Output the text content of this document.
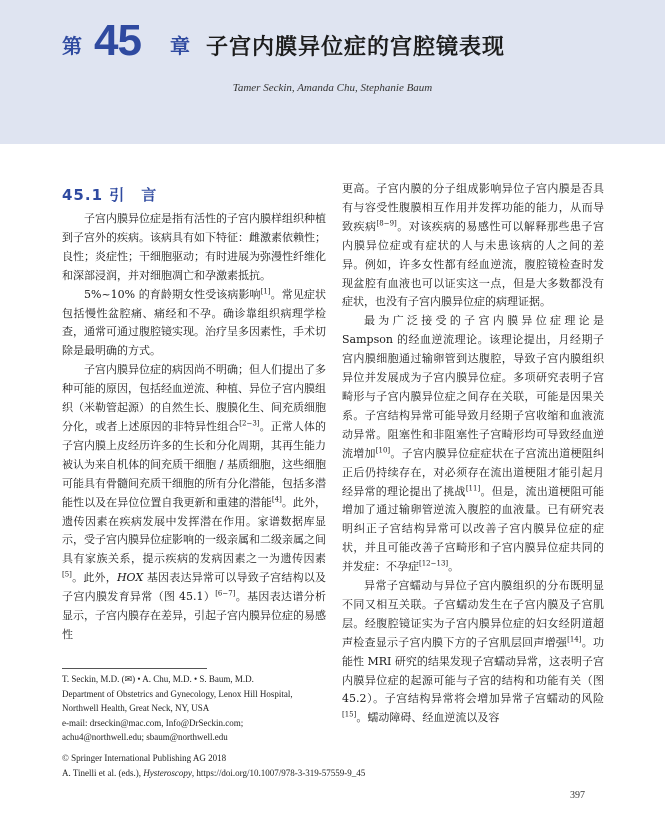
第 45 章 子宫内膜异位症的宫腔镜表现
Tamer Seckin, Amanda Chu, Stephanie Baum
45.1 引　言

子宫内膜异位症是指有活性的子宫内膜样组织种植到子宫外的疾病。该病具有如下特征：雌激素依赖性；良性；炎症性；干细胞驱动；有时进展为弥漫性纤维化和深部浸润，并对细胞凋亡和孕激素抵抗。

5%~10% 的育龄期女性受该病影响[1]。常见症状包括慢性盆腔痛、痛经和不孕。确诊靠组织病理学检查，通常可通过腹腔镜实现。治疗呈多因素性，手术切除是最明确的方式。

子宫内膜异位症的病因尚不明确；但人们提出了多种可能的原因，包括经血逆流、种植、异位子宫内膜组织（米勒管起源）的自然生长、腹膜化生、间充质细胞分化，或者上述原因的非特异性组合[2−3]。正常人体的子宫内膜上皮经历许多的生长和分化周期，其再生能力被认为来自机体的间充质干细胞 / 基质细胞，这些细胞可能具有骨髓间充质干细胞的所有分化潜能，包括多潜能性以及在异位位置自我更新和重建的潜能[4]。此外，遗传因素在疾病发展中发挥潜在作用。家谱数据库显示，受子宫内膜异位症影响的一级亲属和二级亲属之间具有家族关系，提示疾病的发病因素之一为遗传因素[5]。此外，HOX 基因表达异常可以导致子宫结构以及子宫内膜发育异常（图 45.1）[6−7]。基因表达谱分析显示，子宫内膜存在差异，引起子宫内膜异位症的易感性

更高。子宫内膜的分子组成影响异位子宫内膜是否具有与容受性腹膜相互作用并发挥功能的能力，从而导致疾病[8−9]。对该疾病的易感性可以解释那些患子宫内膜异位症或有症状的人与未患该病的人之间的差异。例如，许多女性都有经血逆流，腹腔镜检查时发现盆腔有血液也可以证实这一点，但是大多数都没有症状，也没有子宫内膜异位症的病理证据。

最为广泛接受的子宫内膜异位症理论是 Sampson 的经血逆流理论。该理论提出，月经期子宫内膜细胞通过输卵管到达腹腔，导致子宫内膜组织异位并发展成为子宫内膜异位症。多项研究表明子宫畸形与子宫内膜异位症之间存在关联，可能是因果关系。子宫结构异常可能导致月经期子宫收缩和血液流动异常。阻塞性和非阻塞性子宫畸形均可导致经血逆流增加[10]。子宫内膜异位症症状在子宫流出道梗阻纠正后仍持续存在，对必须存在流出道梗阻才能引起月经异常的理论提出了挑战[11]。但是，流出道梗阻可能增加了通过输卵管逆流入腹腔的血液量。已有研究表明纠正子宫结构异常可以改善子宫内膜异位症的症状，并且可能改善子宫畸形和子宫内膜异位症共同的并发症：不孕症[12−13]。

异常子宫蠕动与异位子宫内膜组织的分布既明显不同又相互关联。子宫蠕动发生在子宫内膜及子宫肌层。经腹腔镜证实为子宫内膜异位症的妇女经阴道超声检查显示子宫内膜下方的子宫肌层回声增强[14]。功能性 MRI 研究的结果发现子宫蠕动异常，这表明子宫内膜异位症的起源可能与子宫的结构和功能有关（图 45.2）。子宫结构异常将会增加异常子宫蠕动的风险[15]。蠕动障碍、经血逆流以及容

T. Seckin, M.D. (✉) • A. Chu, M.D. • S. Baum, M.D.
Department of Obstetrics and Gynecology, Lenox Hill Hospital,
Northwell Health, Great Neck, NY, USA
e-mail: drseckin@mac.com, Info@DrSeckin.com;
achu4@northwell.edu; sbaum@northwell.edu
© Springer International Publishing AG 2018
A. Tinelli et al. (eds.), Hysteroscopy, https://doi.org/10.1007/978-3-319-57559-9_45
397
